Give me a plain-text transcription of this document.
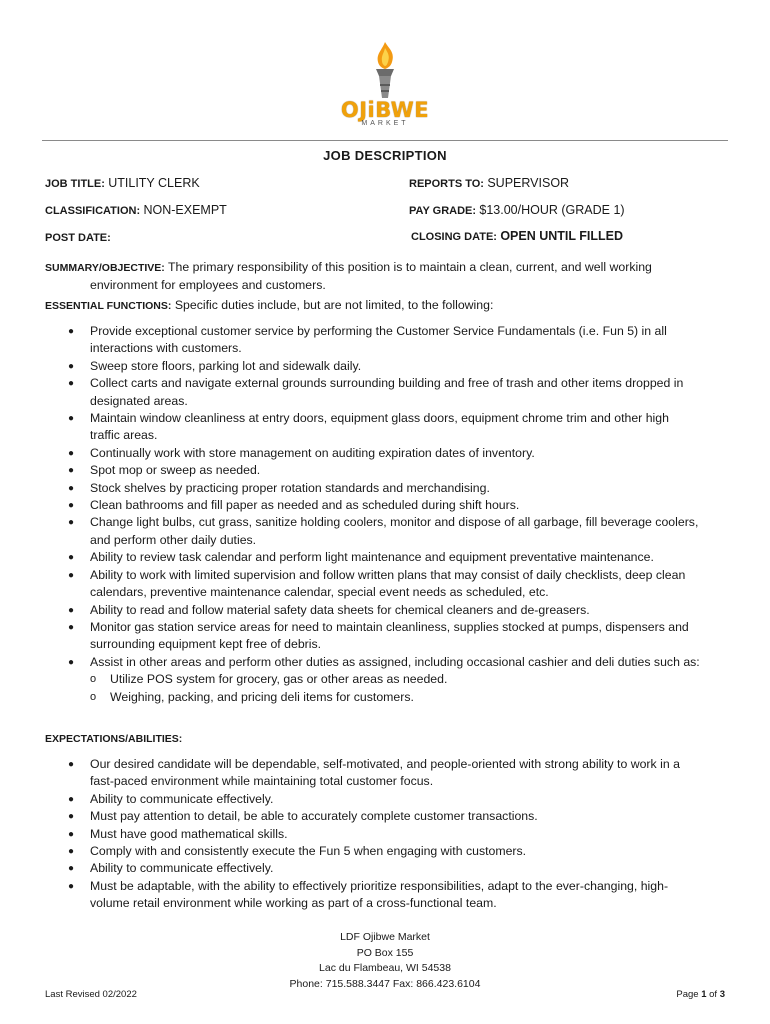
OJiBWE
MARKET
JOB DESCRIPTION
JOB TITLE: UTILITY CLERK	REPORTS TO: SUPERVISOR
CLASSIFICATION: NON-EXEMPT	PAY GRADE: $13.00/HOUR (GRADE 1)
POST DATE:	CLOSING DATE: OPEN UNTIL FILLED
SUMMARY/OBJECTIVE: The primary responsibility of this position is to maintain a clean, current, and well working
environment for employees and customers.
ESSENTIAL FUNCTIONS: Specific duties include, but are not limited, to the following:
● Provide exceptional customer service by performing the Customer Service Fundamentals (i.e. Fun 5) in all
interactions with customers.
● Sweep store floors, parking lot and sidewalk daily.
● Collect carts and navigate external grounds surrounding building and free of trash and other items dropped in
designated areas.
● Maintain window cleanliness at entry doors, equipment glass doors, equipment chrome trim and other high
traffic areas.
● Continually work with store management on auditing expiration dates of inventory.
● Spot mop or sweep as needed.
● Stock shelves by practicing proper rotation standards and merchandising.
● Clean bathrooms and fill paper as needed and as scheduled during shift hours.
● Change light bulbs, cut grass, sanitize holding coolers, monitor and dispose of all garbage, fill beverage coolers,
and perform other daily duties.
● Ability to review task calendar and perform light maintenance and equipment preventative maintenance.
● Ability to work with limited supervision and follow written plans that may consist of daily checklists, deep clean
calendars, preventive maintenance calendar, special event needs as scheduled, etc.
● Ability to read and follow material safety data sheets for chemical cleaners and de-greasers.
● Monitor gas station service areas for need to maintain cleanliness, supplies stocked at pumps, dispensers and
surrounding equipment kept free of debris.
● Assist in other areas and perform other duties as assigned, including occasional cashier and deli duties such as:
o Utilize POS system for grocery, gas or other areas as needed.
o Weighing, packing, and pricing deli items for customers.
EXPECTATIONS/ABILITIES:
● Our desired candidate will be dependable, self-motivated, and people-oriented with strong ability to work in a
fast-paced environment while maintaining total customer focus.
● Ability to communicate effectively.
● Must pay attention to detail, be able to accurately complete customer transactions.
● Must have good mathematical skills.
● Comply with and consistently execute the Fun 5 when engaging with customers.
● Ability to communicate effectively.
● Must be adaptable, with the ability to effectively prioritize responsibilities, adapt to the ever-changing, high-
volume retail environment while working as part of a cross-functional team.
LDF Ojibwe Market
PO Box 155
Lac du Flambeau, WI 54538
Phone: 715.588.3447 Fax: 866.423.6104
Last Revised 02/2022	Page 1 of 3
